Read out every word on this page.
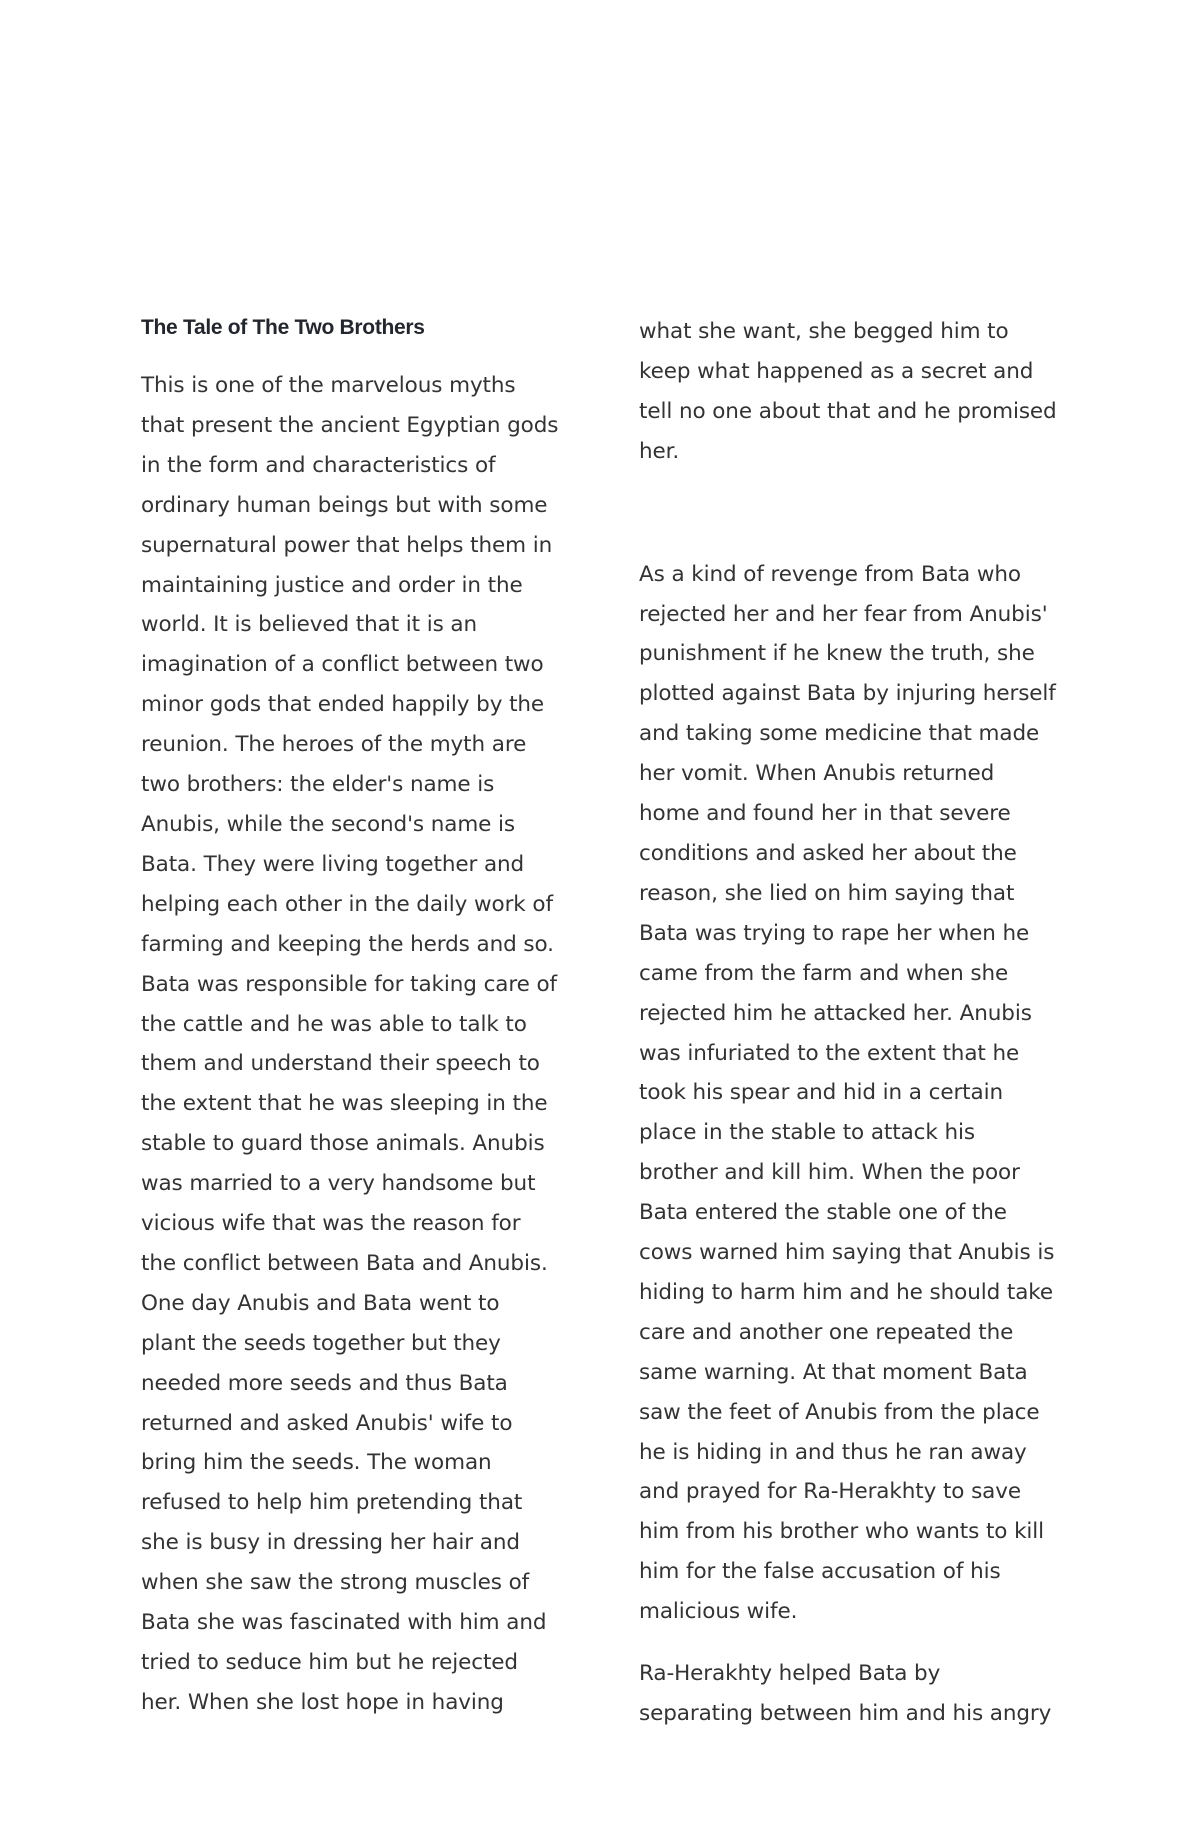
The Tale of The Two Brothers

This is one of the marvelous myths
that present the ancient Egyptian gods
in the form and characteristics of
ordinary human beings but with some
supernatural power that helps them in
maintaining justice and order in the
world. It is believed that it is an
imagination of a conflict between two
minor gods that ended happily by the
reunion. The heroes of the myth are
two brothers: the elder's name is
Anubis, while the second's name is
Bata. They were living together and
helping each other in the daily work of
farming and keeping the herds and so.
Bata was responsible for taking care of
the cattle and he was able to talk to
them and understand their speech to
the extent that he was sleeping in the
stable to guard those animals. Anubis
was married to a very handsome but
vicious wife that was the reason for
the conflict between Bata and Anubis.
One day Anubis and Bata went to
plant the seeds together but they
needed more seeds and thus Bata
returned and asked Anubis' wife to
bring him the seeds. The woman
refused to help him pretending that
she is busy in dressing her hair and
when she saw the strong muscles of
Bata she was fascinated with him and
tried to seduce him but he rejected
her. When she lost hope in having

what she want, she begged him to
keep what happened as a secret and
tell no one about that and he promised
her.

As a kind of revenge from Bata who
rejected her and her fear from Anubis'
punishment if he knew the truth, she
plotted against Bata by injuring herself
and taking some medicine that made
her vomit. When Anubis returned
home and found her in that severe
conditions and asked her about the
reason, she lied on him saying that
Bata was trying to rape her when he
came from the farm and when she
rejected him he attacked her. Anubis
was infuriated to the extent that he
took his spear and hid in a certain
place in the stable to attack his
brother and kill him. When the poor
Bata entered the stable one of the
cows warned him saying that Anubis is
hiding to harm him and he should take
care and another one repeated the
same warning. At that moment Bata
saw the feet of Anubis from the place
he is hiding in and thus he ran away
and prayed for Ra-Herakhty to save
him from his brother who wants to kill
him for the false accusation of his
malicious wife.

Ra-Herakhty helped Bata by
separating between him and his angry
